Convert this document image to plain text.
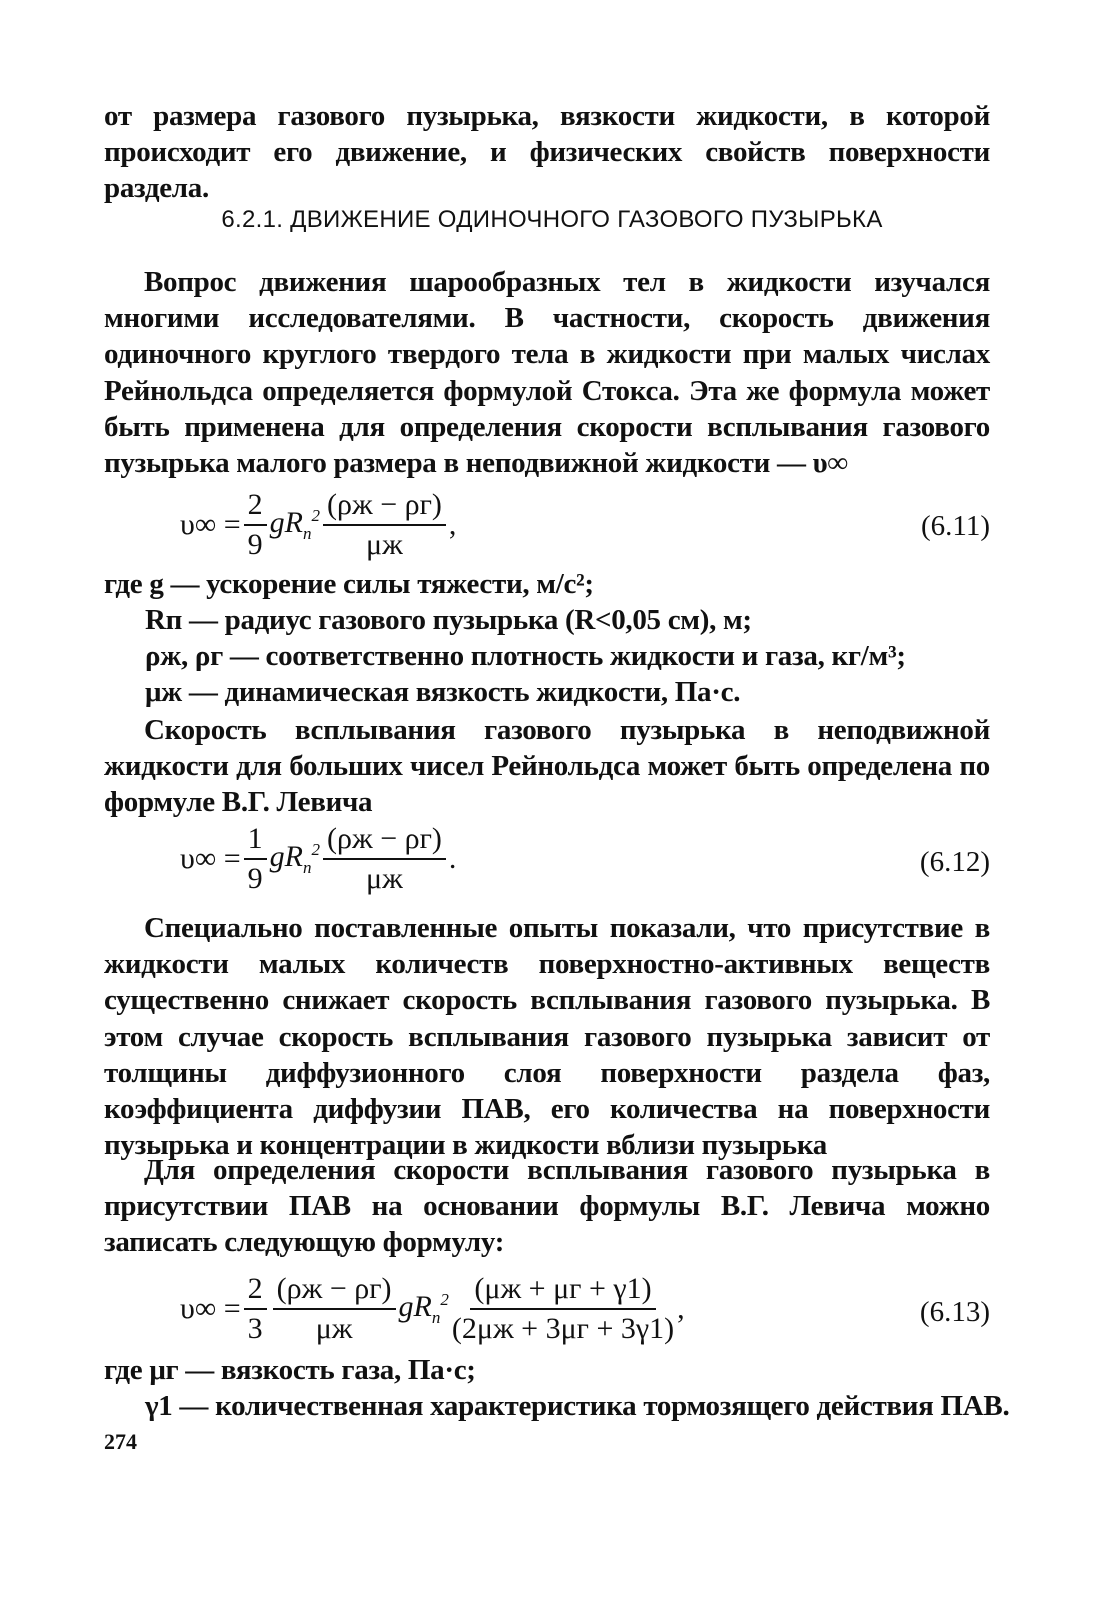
от размера газового пузырька, вязкости жидкости, в которой происходит его движение, и физических свойств поверхности раздела.
6.2.1. ДВИЖЕНИЕ ОДИНОЧНОГО ГАЗОВОГО ПУЗЫРЬКА
Вопрос движения шарообразных тел в жидкости изучался многими исследователями. В частности, скорость движения одиночного круглого твердого тела в жидкости при малых числах Рейнольдса определяется формулой Стокса. Эта же формула может быть применена для определения скорости всплывания газового пузырька малого размера в неподвижной жидкости — υ∞
$\upsilon\infty = \frac{2}{9} gR_п^2 \frac{(\rho ж - \rho г)}{\mu ж}$ ,	(6.11)
где g — ускорение силы тяжести, м/с²;
Rп — радиус газового пузырька (R<0,05 см), м;
ρж, ρг — соответственно плотность жидкости и газа, кг/м³;
μж — динамическая вязкость жидкости, Па·с.
Скорость всплывания газового пузырька в неподвижной жидкости для больших чисел Рейнольдса может быть определена по формуле В.Г. Левича
$\upsilon\infty = \frac{1}{9} gR_п^2 \frac{(\rho ж - \rho г)}{\mu ж}$ .	(6.12)
Специально поставленные опыты показали, что присутствие в жидкости малых количеств поверхностно-активных веществ существенно снижает скорость всплывания газового пузырька. В этом случае скорость всплывания газового пузырька зависит от толщины диффузионного слоя поверхности раздела фаз, коэффициента диффузии ПАВ, его количества на поверхности пузырька и концентрации в жидкости вблизи пузырька
Для определения скорости всплывания газового пузырька в присутствии ПАВ на основании формулы В.Г. Левича можно записать следующую формулу:
$\upsilon\infty = \frac{2}{3} \frac{(\rho ж - \rho г)}{\mu ж} gR_п^2 \frac{(\mu ж + \mu г + \gamma 1)}{(2\mu ж + 3\mu г + 3\gamma 1)}$ ,	(6.13)
где μг — вязкость газа, Па·с;
γ1 — количественная характеристика тормозящего действия ПАВ.
274
